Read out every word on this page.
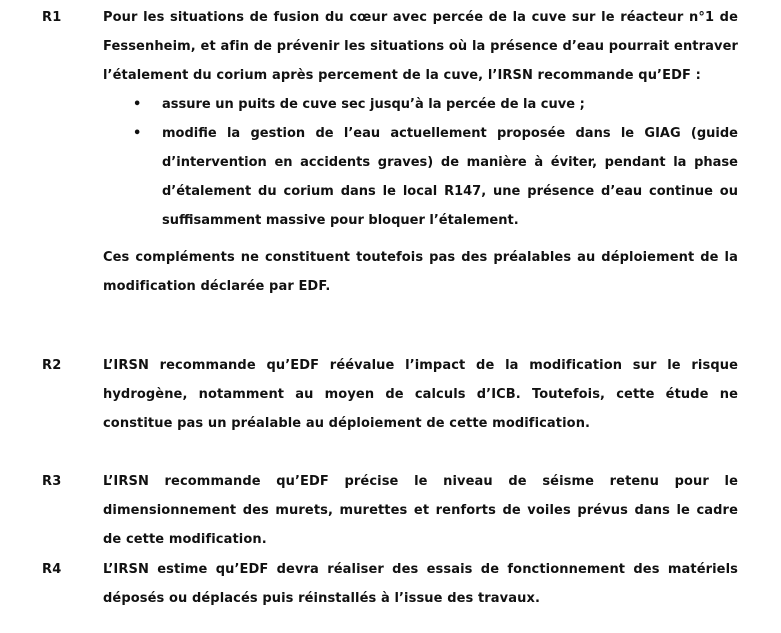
R1	Pour les situations de fusion du cœur avec percée de la cuve sur le réacteur n°1 de Fessenheim, et afin de prévenir les situations où la présence d’eau pourrait entraver l’étalement du corium après percement de la cuve, l’IRSN recommande qu’EDF :

• assure un puits de cuve sec jusqu’à la percée de la cuve ;
• modifie la gestion de l’eau actuellement proposée dans le GIAG (guide d’intervention en accidents graves) de manière à éviter, pendant la phase d’étalement du corium dans le local R147, une présence d’eau continue ou suffisamment massive pour bloquer l’étalement.

Ces compléments ne constituent toutefois pas des préalables au déploiement de la modification déclarée par EDF.

R2	L’IRSN recommande qu’EDF réévalue l’impact de la modification sur le risque hydrogène, notamment au moyen de calculs d’ICB. Toutefois, cette étude ne constitue pas un préalable au déploiement de cette modification.

R3	L’IRSN recommande qu’EDF précise le niveau de séisme retenu pour le dimensionnement des murets, murettes et renforts de voiles prévus dans le cadre de cette modification.

R4	L’IRSN estime qu’EDF devra réaliser des essais de fonctionnement des matériels déposés ou déplacés puis réinstallés à l’issue des travaux.
